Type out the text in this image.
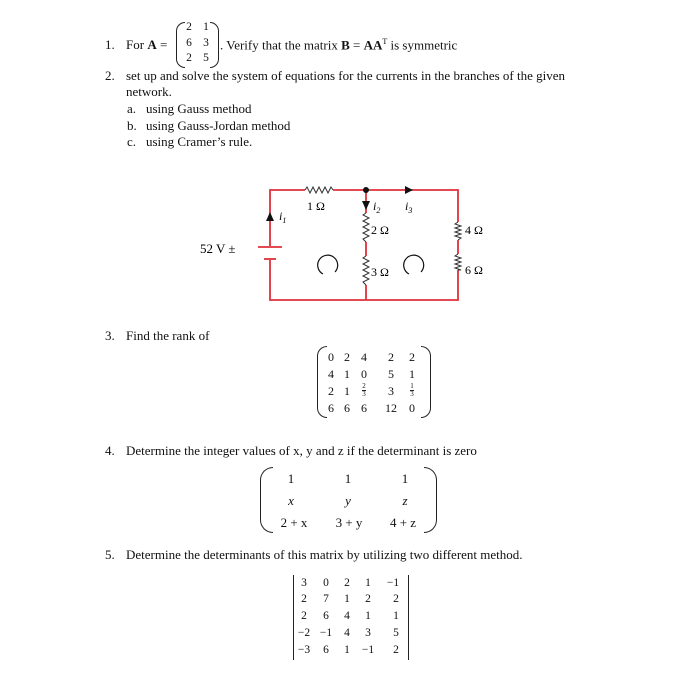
1. For A =
2 1
6 3
2 5
. Verify that the matrix $B = AA^T$ is symmetric
2. set up and solve the system of equations for the currents in the branches of the given
network.
a. using Gauss method
b. using Gauss-Jordan method
c. using Cramer’s rule.
52 V ±
1 Ω
2 Ω
3 Ω
4 Ω
6 Ω
$i_1$
$i_2$ $i_3$
3. Find the rank of
0 2 4	2	2
4 1 0	5	1
2 1	$\frac{2}{3}$	3	$\frac{1}{3}$
6 6 6	12	0
4. Determine the integer values of x, y and z if the determinant is zero
1	1	1
x	y	z
2 + x	3 + y	4 + z
5. Determine the determinants of this matrix by utilizing two different method.
3	0	2	1	−1
2	7	1	2	2
2	6	4	1	1
−2 −1	4	3	5
−3	6	1	−1	2
